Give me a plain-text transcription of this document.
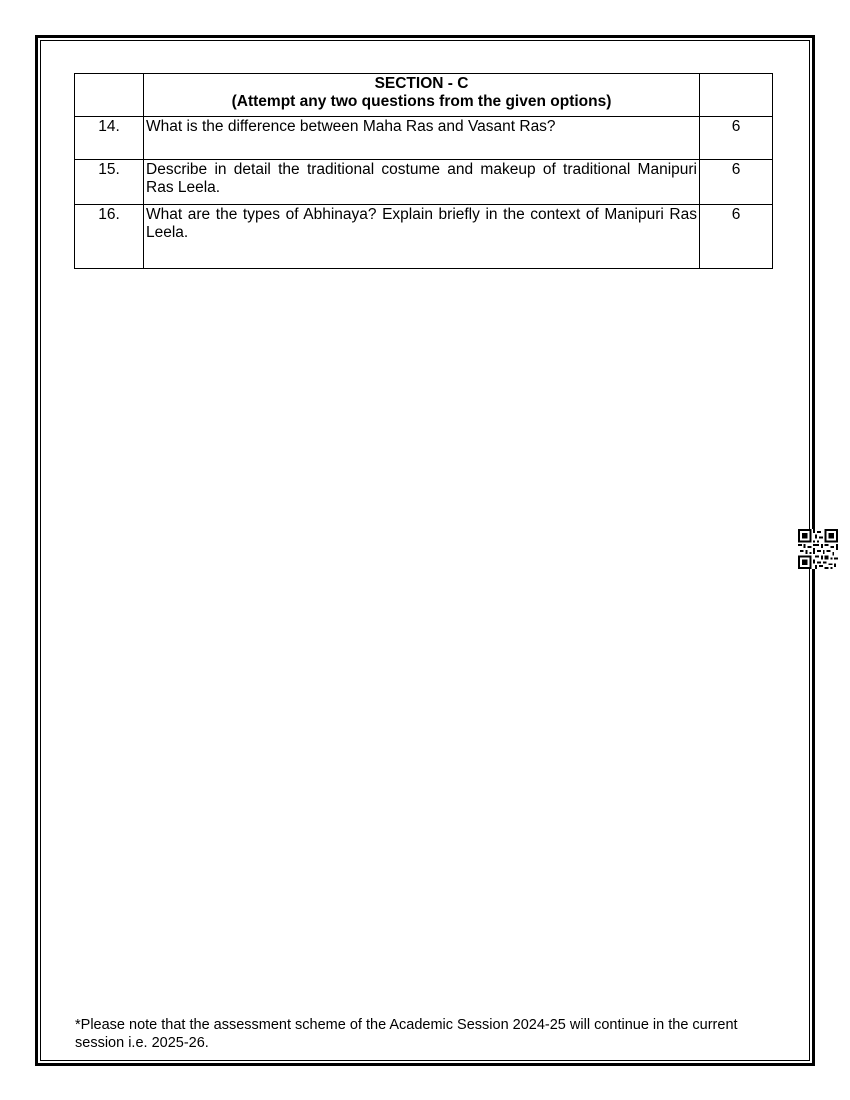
	SECTION - C
(Attempt any two questions from the given options)	

14.	What is the difference between Maha Ras and Vasant Ras?	6
15.	Describe in detail the traditional costume and makeup of traditional Manipuri Ras Leela.	6
16.	What are the types of Abhinaya? Explain briefly in the context of Manipuri Ras Leela.	6
*Please note that the assessment scheme of the Academic Session 2024-25 will continue in the current session i.e. 2025-26.
